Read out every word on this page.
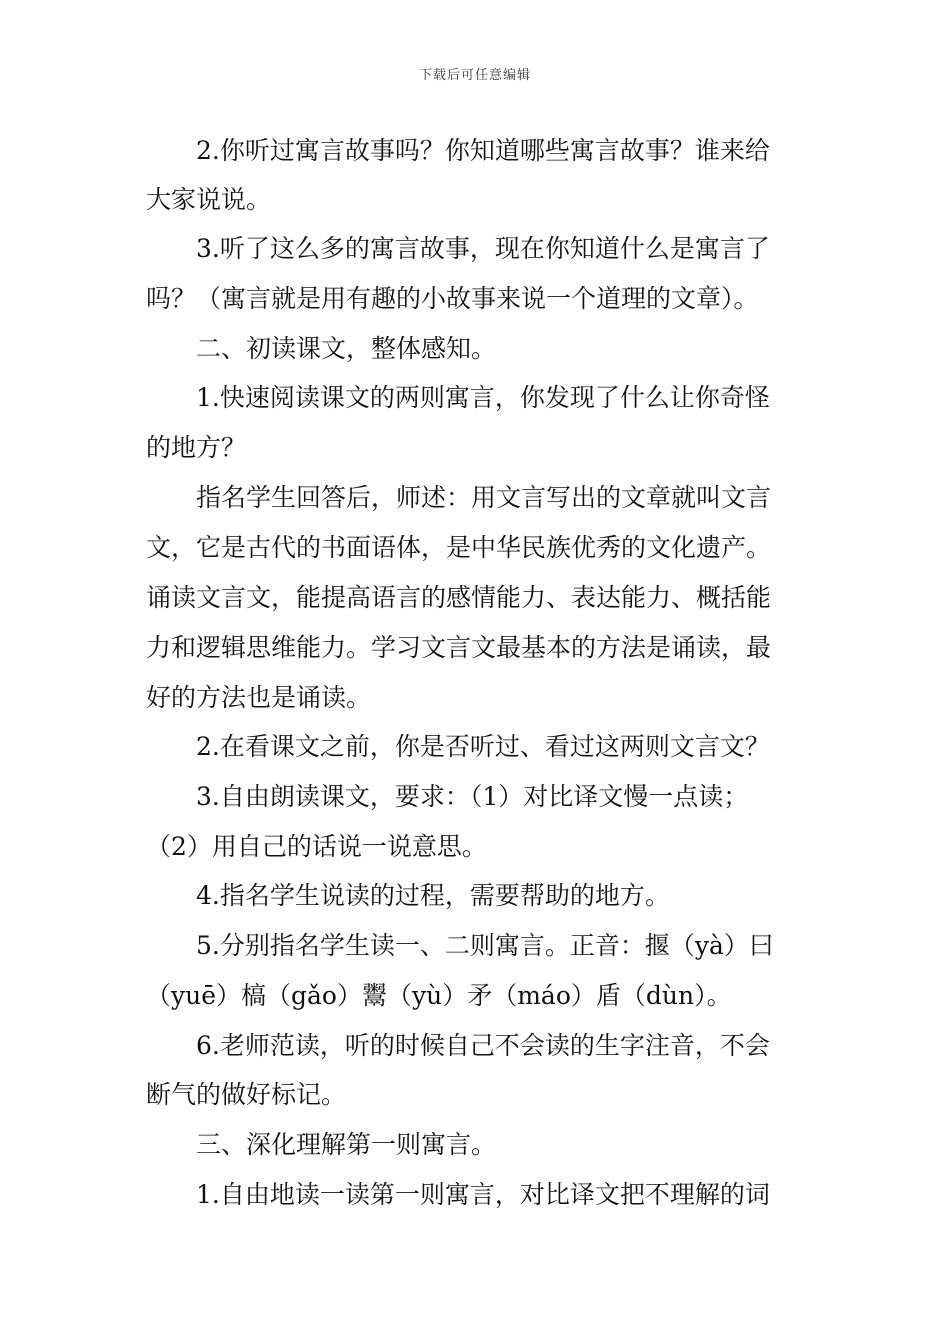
下载后可任意编辑
2.你听过寓言故事吗？你知道哪些寓言故事？谁来给
大家说说。
3.听了这么多的寓言故事，现在你知道什么是寓言了
吗？（寓言就是用有趣的小故事来说一个道理的文章）。
二、初读课文，整体感知。
1.快速阅读课文的两则寓言，你发现了什么让你奇怪
的地方？
指名学生回答后，师述：用文言写出的文章就叫文言
文，它是古代的书面语体，是中华民族优秀的文化遗产。
诵读文言文，能提高语言的感情能力、表达能力、概括能
力和逻辑思维能力。学习文言文最基本的方法是诵读，最
好的方法也是诵读。
2.在看课文之前，你是否听过、看过这两则文言文？
3.自由朗读课文，要求：（1）对比译文慢一点读；
（2）用自己的话说一说意思。
4.指名学生说读的过程，需要帮助的地方。
5.分别指名学生读一、二则寓言。正音：揠（yà）曰
（yuē）槁（gǎo）鬻（yù）矛（máo）盾（dùn）。
6.老师范读，听的时候自己不会读的生字注音，不会
断气的做好标记。
三、深化理解第一则寓言。
1.自由地读一读第一则寓言，对比译文把不理解的词
